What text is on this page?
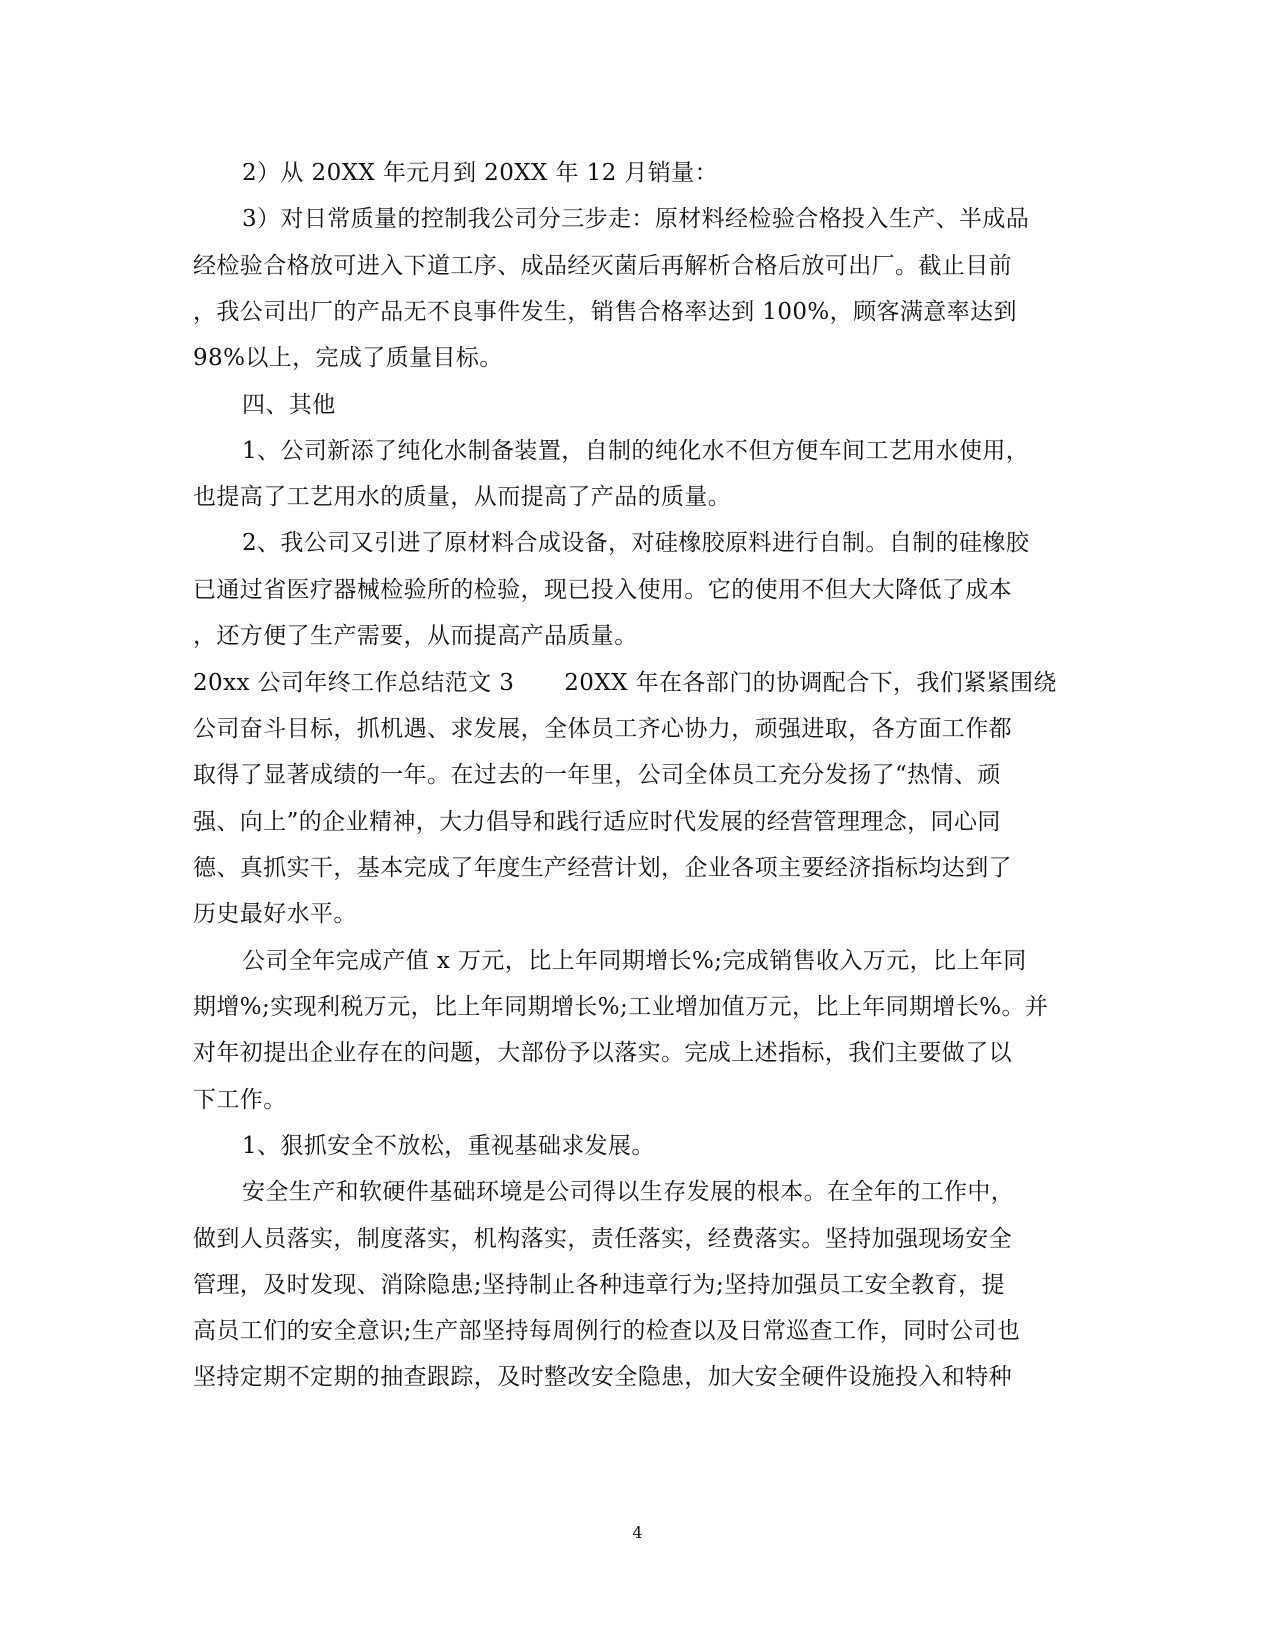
2）从 20XX 年元月到 20XX 年 12 月销量：
3）对日常质量的控制我公司分三步走：原材料经检验合格投入生产、半成品
经检验合格放可进入下道工序、成品经灭菌后再解析合格后放可出厂。截止目前
，我公司出厂的产品无不良事件发生，销售合格率达到 100%，顾客满意率达到
98%以上，完成了质量目标。
四、其他
1、公司新添了纯化水制备装置，自制的纯化水不但方便车间工艺用水使用，
也提高了工艺用水的质量，从而提高了产品的质量。
2、我公司又引进了原材料合成设备，对硅橡胶原料进行自制。自制的硅橡胶
已通过省医疗器械检验所的检验，现已投入使用。它的使用不但大大降低了成本
，还方便了生产需要，从而提高产品质量。
20xx 公司年终工作总结范文 3 20XX 年在各部门的协调配合下，我们紧紧围绕
公司奋斗目标，抓机遇、求发展，全体员工齐心协力，顽强进取，各方面工作都
取得了显著成绩的一年。在过去的一年里，公司全体员工充分发扬了“热情、顽
强、向上”的企业精神，大力倡导和践行适应时代发展的经营管理理念，同心同
德、真抓实干，基本完成了年度生产经营计划，企业各项主要经济指标均达到了
历史最好水平。
公司全年完成产值 x 万元，比上年同期增长%;完成销售收入万元，比上年同
期增%;实现利税万元，比上年同期增长%;工业增加值万元，比上年同期增长%。并
对年初提出企业存在的问题，大部份予以落实。完成上述指标，我们主要做了以
下工作。
1、狠抓安全不放松，重视基础求发展。
安全生产和软硬件基础环境是公司得以生存发展的根本。在全年的工作中，
做到人员落实，制度落实，机构落实，责任落实，经费落实。坚持加强现场安全
管理，及时发现、消除隐患;坚持制止各种违章行为;坚持加强员工安全教育，提
高员工们的安全意识;生产部坚持每周例行的检查以及日常巡查工作，同时公司也
坚持定期不定期的抽查跟踪，及时整改安全隐患，加大安全硬件设施投入和特种
4
